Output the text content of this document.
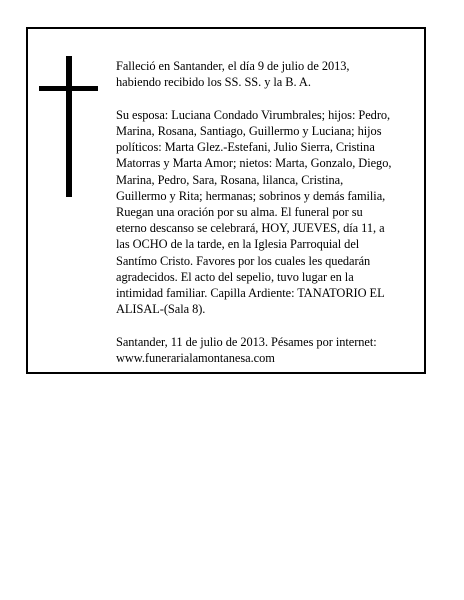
Falleció en Santander, el día 9 de julio de 2013,
habiendo recibido los SS. SS. y la B. A.

Su esposa: Luciana Condado Virumbrales; hijos: Pedro,
Marina, Rosana, Santiago, Guillermo y Luciana; hijos
políticos: Marta Glez.-Estefani, Julio Sierra, Cristina
Matorras y Marta Amor; nietos: Marta, Gonzalo, Diego,
Marina, Pedro, Sara, Rosana, lilanca, Cristina,
Guillermo y Rita; hermanas; sobrinos y demás familia,
Ruegan una oración por su alma. El funeral por su
eterno descanso se celebrará, HOY, JUEVES, día 11, a
las OCHO de la tarde, en la Iglesia Parroquial del
Santímo Cristo. Favores por los cuales les quedarán
agradecidos. El acto del sepelio, tuvo lugar en la
intimidad familiar. Capilla Ardiente: TANATORIO EL
ALISAL-(Sala 8).

Santander, 11 de julio de 2013. Pésames por internet:
www.funerarialamontanesa.com
